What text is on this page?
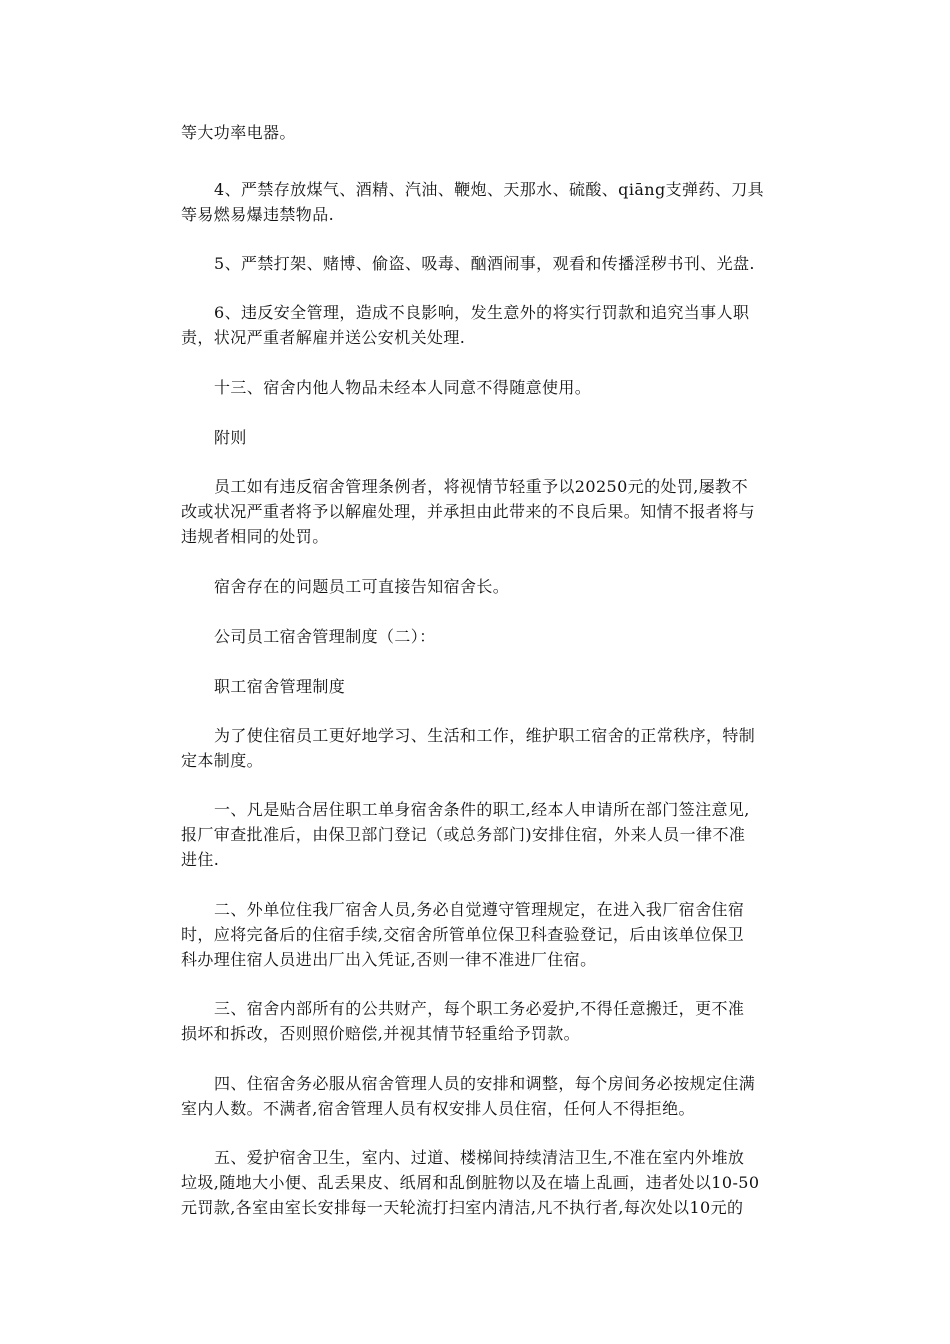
等大功率电器。
4、严禁存放煤气、酒精、汽油、鞭炮、天那水、硫酸、qiāng支弹药、刀具
等易燃易爆违禁物品.
5、严禁打架、赌博、偷盗、吸毒、酗酒闹事，观看和传播淫秽书刊、光盘.
6、违反安全管理，造成不良影响，发生意外的将实行罚款和追究当事人职
责，状况严重者解雇并送公安机关处理.
十三、宿舍内他人物品未经本人同意不得随意使用。
附则
员工如有违反宿舍管理条例者，将视情节轻重予以20250元的处罚,屡教不
改或状况严重者将予以解雇处理，并承担由此带来的不良后果。知情不报者将与
违规者相同的处罚。
宿舍存在的问题员工可直接告知宿舍长。
公司员工宿舍管理制度（二）：
职工宿舍管理制度
为了使住宿员工更好地学习、生活和工作，维护职工宿舍的正常秩序，特制
定本制度。
一、凡是贴合居住职工单身宿舍条件的职工,经本人申请所在部门签注意见,
报厂审查批准后，由保卫部门登记（或总务部门)安排住宿，外来人员一律不准
进住.
二、外单位住我厂宿舍人员,务必自觉遵守管理规定，在进入我厂宿舍住宿
时，应将完备后的住宿手续,交宿舍所管单位保卫科查验登记，后由该单位保卫
科办理住宿人员进出厂出入凭证,否则一律不准进厂住宿。
三、宿舍内部所有的公共财产，每个职工务必爱护,不得任意搬迁，更不准
损坏和拆改，否则照价赔偿,并视其情节轻重给予罚款。
四、住宿舍务必服从宿舍管理人员的安排和调整，每个房间务必按规定住满
室内人数。不满者,宿舍管理人员有权安排人员住宿，任何人不得拒绝。
五、爱护宿舍卫生，室内、过道、楼梯间持续清洁卫生,不准在室内外堆放
垃圾,随地大小便、乱丢果皮、纸屑和乱倒脏物以及在墙上乱画，违者处以10-50
元罚款,各室由室长安排每一天轮流打扫室内清洁,凡不执行者,每次处以10元的
